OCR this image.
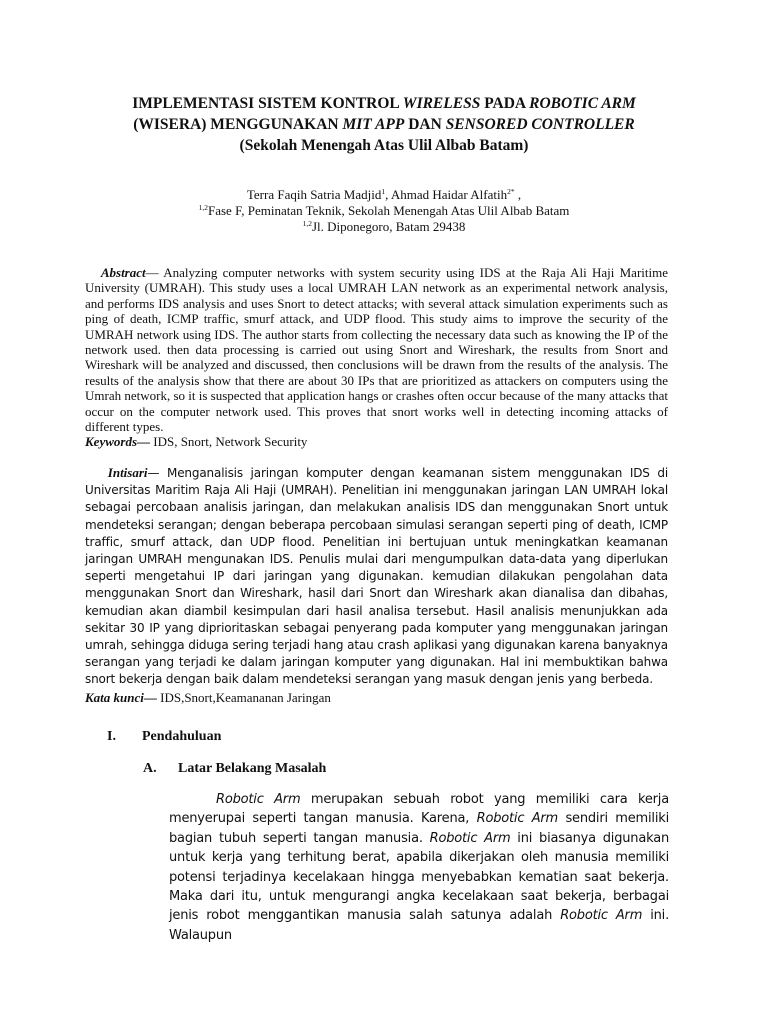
IMPLEMENTASI SISTEM KONTROL WIRELESS PADA ROBOTIC ARM
(WISERA) MENGGUNAKAN MIT APP DAN SENSORED CONTROLLER
(Sekolah Menengah Atas Ulil Albab Batam)
Terra Faqih Satria Madjid$^1$, Ahmad Haidar Alfatih$^{2*}$ ,
$^{1,2}$Fase F, Peminatan Teknik, Sekolah Menengah Atas Ulil Albab Batam
$^{1,2}$Jl. Diponegoro, Batam 29438

Abstract— Analyzing computer networks with system security using IDS at the Raja Ali Haji Maritime University (UMRAH). This study uses a local UMRAH LAN network as an experimental network analysis, and performs IDS analysis and uses Snort to detect attacks; with several attack simulation experiments such as ping of death, ICMP traffic, smurf attack, and UDP flood. This study aims to improve the security of the UMRAH network using IDS. The author starts from collecting the necessary data such as knowing the IP of the network used. then data processing is carried out using Snort and Wireshark, the results from Snort and Wireshark will be analyzed and discussed, then conclusions will be drawn from the results of the analysis. The results of the analysis show that there are about 30 IPs that are prioritized as attackers on computers using the Umrah network, so it is suspected that application hangs or crashes often occur because of the many attacks that occur on the computer network used. This proves that snort works well in detecting incoming attacks of different types.

Keywords— IDS, Snort, Network Security

Intisari— Menganalisis jaringan komputer dengan keamanan sistem menggunakan IDS di Universitas Maritim Raja Ali Haji (UMRAH). Penelitian ini menggunakan jaringan LAN UMRAH lokal sebagai percobaan analisis jaringan, dan melakukan analisis IDS dan menggunakan Snort untuk mendeteksi serangan; dengan beberapa percobaan simulasi serangan seperti ping of death, ICMP traffic, smurf attack, dan UDP flood. Penelitian ini bertujuan untuk meningkatkan keamanan jaringan UMRAH mengunakan IDS. Penulis mulai dari mengumpulkan data-data yang diperlukan seperti mengetahui IP dari jaringan yang digunakan. kemudian dilakukan pengolahan data menggunakan Snort dan Wireshark, hasil dari Snort dan Wireshark akan dianalisa dan dibahas, kemudian akan diambil kesimpulan dari hasil analisa tersebut. Hasil analisis menunjukkan ada sekitar 30 IP yang diprioritaskan sebagai penyerang pada komputer yang menggunakan jaringan umrah, sehingga diduga sering terjadi hang atau crash aplikasi yang digunakan karena banyaknya serangan yang terjadi ke dalam jaringan komputer yang digunakan. Hal ini membuktikan bahwa snort bekerja dengan baik dalam mendeteksi serangan yang masuk dengan jenis yang berbeda.

Kata kunci— IDS,Snort,Keamananan Jaringan

I. Pendahuluan
A. Latar Belakang Masalah

Robotic Arm merupakan sebuah robot yang memiliki cara kerja menyerupai seperti tangan manusia. Karena, Robotic Arm sendiri memiliki bagian tubuh seperti tangan manusia. Robotic Arm ini biasanya digunakan untuk kerja yang terhitung berat, apabila dikerjakan oleh manusia memiliki potensi terjadinya kecelakaan hingga menyebabkan kematian saat bekerja. Maka dari itu, untuk mengurangi angka kecelakaan saat bekerja, berbagai jenis robot menggantikan manusia salah satunya adalah Robotic Arm ini. Walaupun
